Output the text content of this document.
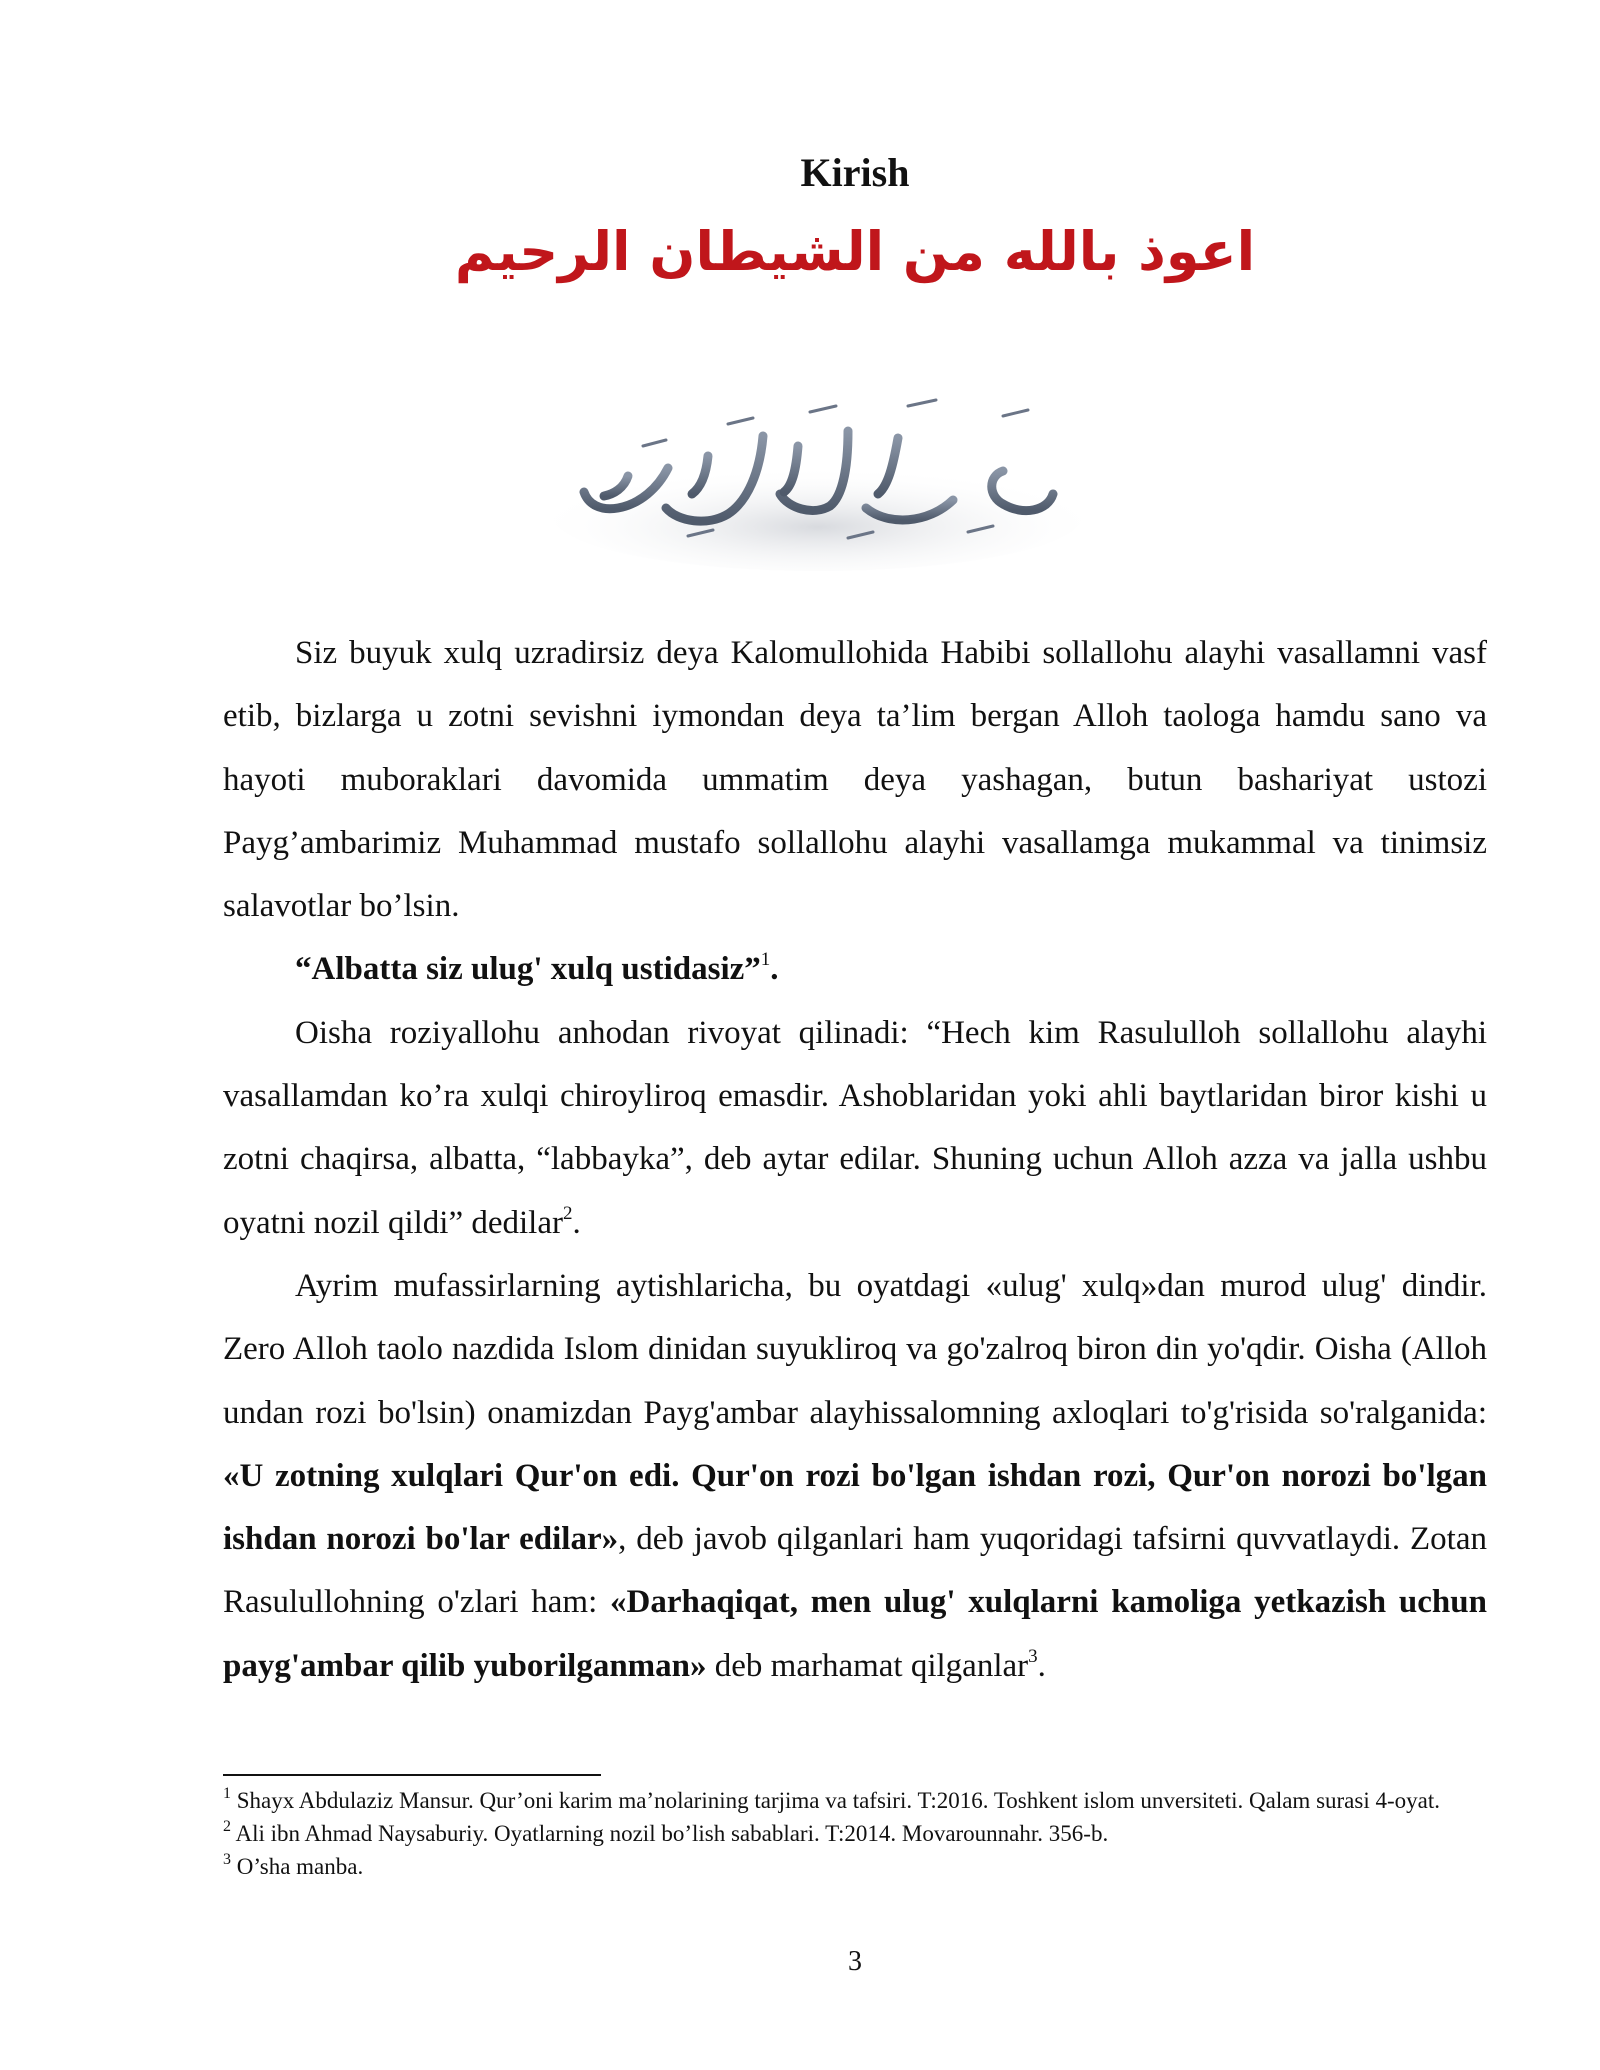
Kirish
اعوذ بالله من الشيطان الرحيم

Siz buyuk xulq uzradirsiz deya Kalomullohida Habibi sollallohu alayhi vasallamni vasf etib, bizlarga u zotni sevishni iymondan deya ta’lim bergan Alloh taologa hamdu sano va hayoti muboraklari davomida ummatim deya yashagan, butun bashariyat ustozi Payg’ambarimiz Muhammad mustafo sollallohu alayhi vasallamga mukammal va tinimsiz salavotlar bo’lsin.

“Albatta siz ulug' xulq ustidasiz”$^1$.

Oisha roziyallohu anhodan rivoyat qilinadi: “Hech kim Rasululloh sollallohu alayhi vasallamdan ko’ra xulqi chiroyliroq emasdir. Ashoblaridan yoki ahli baytlaridan biror kishi u zotni chaqirsa, albatta, “labbayka”, deb aytar edilar. Shuning uchun Alloh azza va jalla ushbu oyatni nozil qildi” dedilar$^2$.

Ayrim mufassirlarning aytishlaricha, bu oyatdagi «ulug' xulq»dan murod ulug' dindir. Zero Alloh taolo nazdida Islom dinidan suyukliroq va go'zalroq biron din yo'qdir. Oisha (Alloh undan rozi bo'lsin) onamizdan Payg'ambar alayhissalomning axloqlari to'g'risida so'ralganida: «U zotning xulqlari Qur'on edi. Qur'on rozi bo'lgan ishdan rozi, Qur'on norozi bo'lgan ishdan norozi bo'lar edilar», deb javob qilganlari ham yuqoridagi tafsirni quvvatlaydi. Zotan Rasulullohning o'zlari ham: «Darhaqiqat, men ulug' xulqlarni kamoliga yetkazish uchun payg'ambar qilib yuborilganman» deb marhamat qilganlar$^3$.

$^1$ Shayx Abdulaziz Mansur. Qur’oni karim ma’nolarining tarjima va tafsiri. T:2016. Toshkent islom unversiteti. Qalam surasi 4-oyat.

$^2$ Ali ibn Ahmad Naysaburiy. Oyatlarning nozil bo’lish sabablari. T:2014. Movarounnahr. 356-b.

$^3$ O’sha manba.

3
